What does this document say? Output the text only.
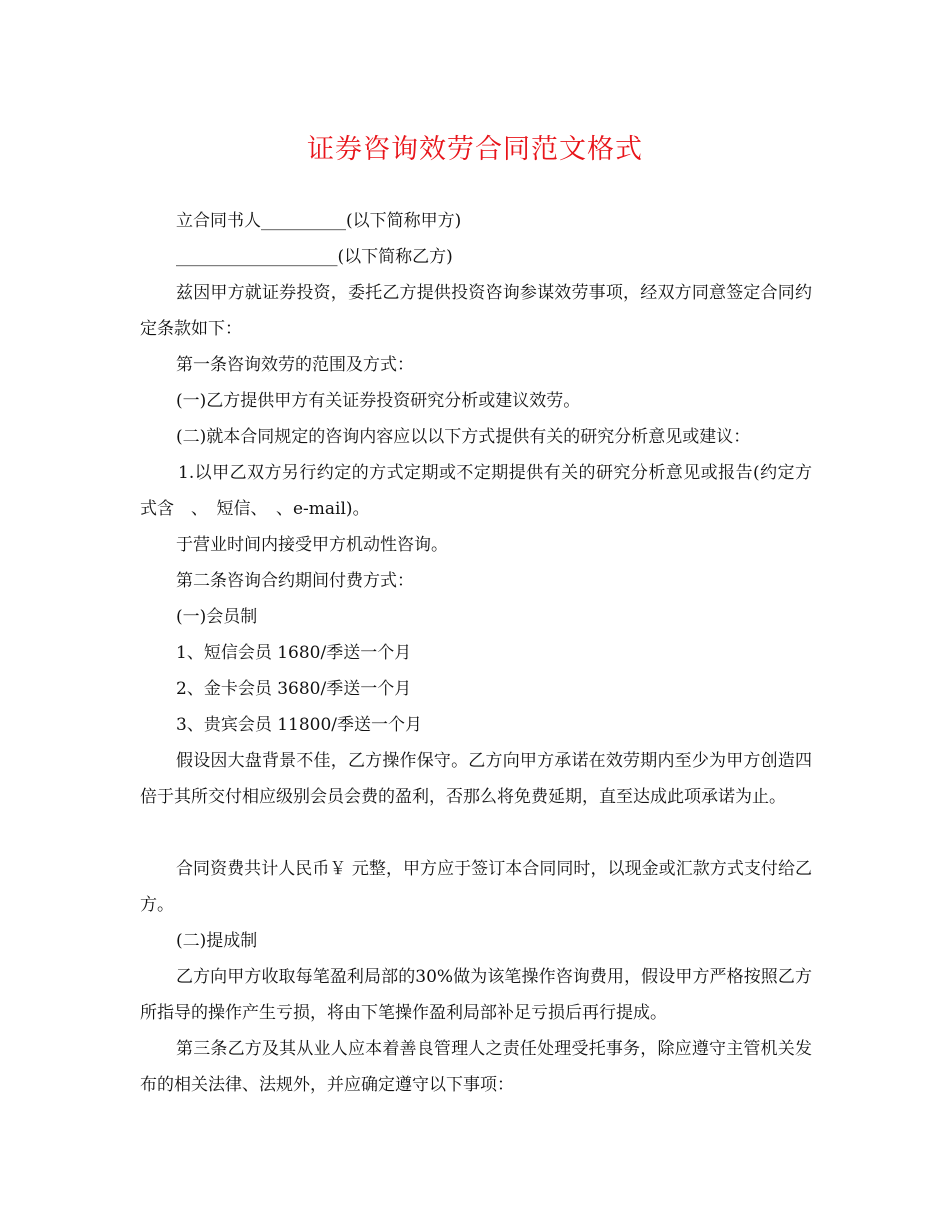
证券咨询效劳合同范文格式

立合同书人__________(以下简称甲方)

___________________(以下简称乙方)

兹因甲方就证券投资，委托乙方提供投资咨询参谋效劳事项，经双方同意签定合同约定条款如下：

第一条咨询效劳的范围及方式：

(一)乙方提供甲方有关证券投资研究分析或建议效劳。

(二)就本合同规定的咨询内容应以以下方式提供有关的研究分析意见或建议：

1.以甲乙双方另行约定的方式定期或不定期提供有关的研究分析意见或报告(约定方式含　、　短信、　、e-mail)。

于营业时间内接受甲方机动性咨询。

第二条咨询合约期间付费方式：

(一)会员制

1、短信会员 1680/季送一个月

2、金卡会员 3680/季送一个月

3、贵宾会员 11800/季送一个月

假设因大盘背景不佳，乙方操作保守。乙方向甲方承诺在效劳期内至少为甲方创造四倍于其所交付相应级别会员会费的盈利，否那么将免费延期，直至达成此项承诺为止。

合同资费共计人民币￥ 元整，甲方应于签订本合同同时，以现金或汇款方式支付给乙方。

(二)提成制

乙方向甲方收取每笔盈利局部的30%做为该笔操作咨询费用，假设甲方严格按照乙方所指导的操作产生亏损，将由下笔操作盈利局部补足亏损后再行提成。

第三条乙方及其从业人应本着善良管理人之责任处理受托事务，除应遵守主管机关发布的相关法律、法规外，并应确定遵守以下事项：
